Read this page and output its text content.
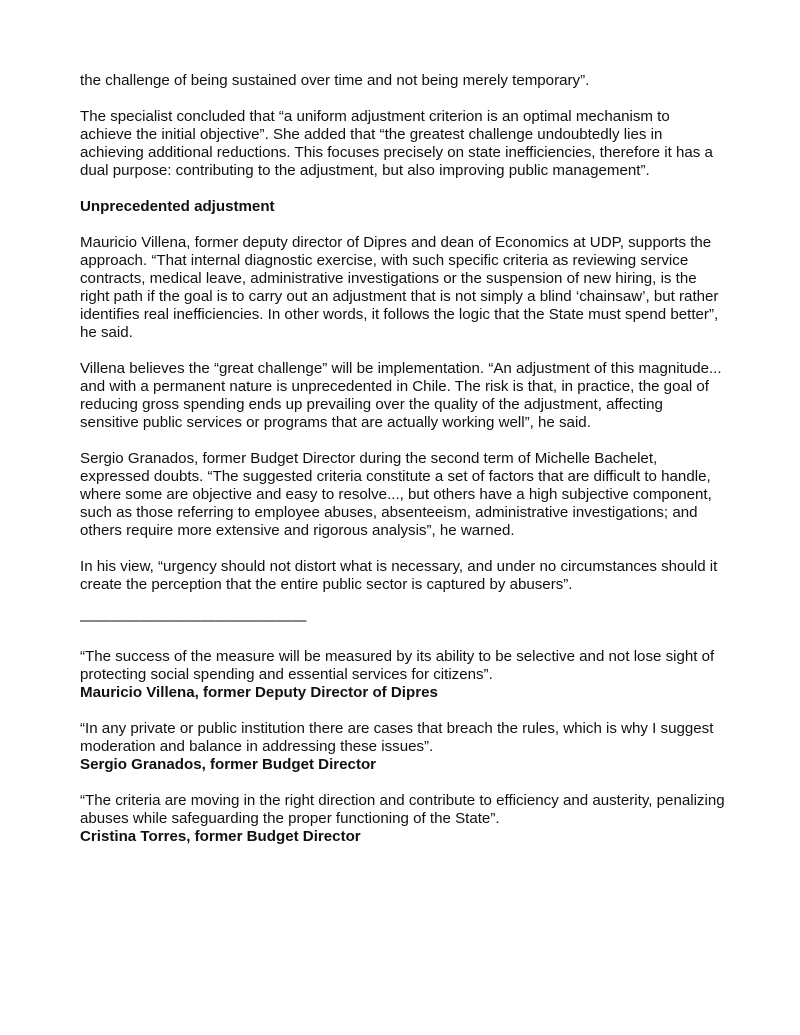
the challenge of being sustained over time and not being merely temporary”.

The specialist concluded that “a uniform adjustment criterion is an optimal mechanism to achieve the initial objective”. She added that “the greatest challenge undoubtedly lies in achieving additional reductions. This focuses precisely on state inefficiencies, therefore it has a dual purpose: contributing to the adjustment, but also improving public management”.

Unprecedented adjustment

Mauricio Villena, former deputy director of Dipres and dean of Economics at UDP, supports the approach. “That internal diagnostic exercise, with such specific criteria as reviewing service contracts, medical leave, administrative investigations or the suspension of new hiring, is the right path if the goal is to carry out an adjustment that is not simply a blind ‘chainsaw’, but rather identifies real inefficiencies. In other words, it follows the logic that the State must spend better”, he said.

Villena believes the “great challenge” will be implementation. “An adjustment of this magnitude... and with a permanent nature is unprecedented in Chile. The risk is that, in practice, the goal of reducing gross spending ends up prevailing over the quality of the adjustment, affecting sensitive public services or programs that are actually working well”, he said.

Sergio Granados, former Budget Director during the second term of Michelle Bachelet, expressed doubts. “The suggested criteria constitute a set of factors that are difficult to handle, where some are objective and easy to resolve..., but others have a high subjective component, such as those referring to employee abuses, absenteeism, administrative investigations; and others require more extensive and rigorous analysis”, he warned.

In his view, “urgency should not distort what is necessary, and under no circumstances should it create the perception that the entire public sector is captured by abusers”.

———————————————
“The success of the measure will be measured by its ability to be selective and not lose sight of protecting social spending and essential services for citizens”.
Mauricio Villena, former Deputy Director of Dipres
“In any private or public institution there are cases that breach the rules, which is why I suggest moderation and balance in addressing these issues”.
Sergio Granados, former Budget Director
“The criteria are moving in the right direction and contribute to efficiency and austerity, penalizing abuses while safeguarding the proper functioning of the State”.
Cristina Torres, former Budget Director
